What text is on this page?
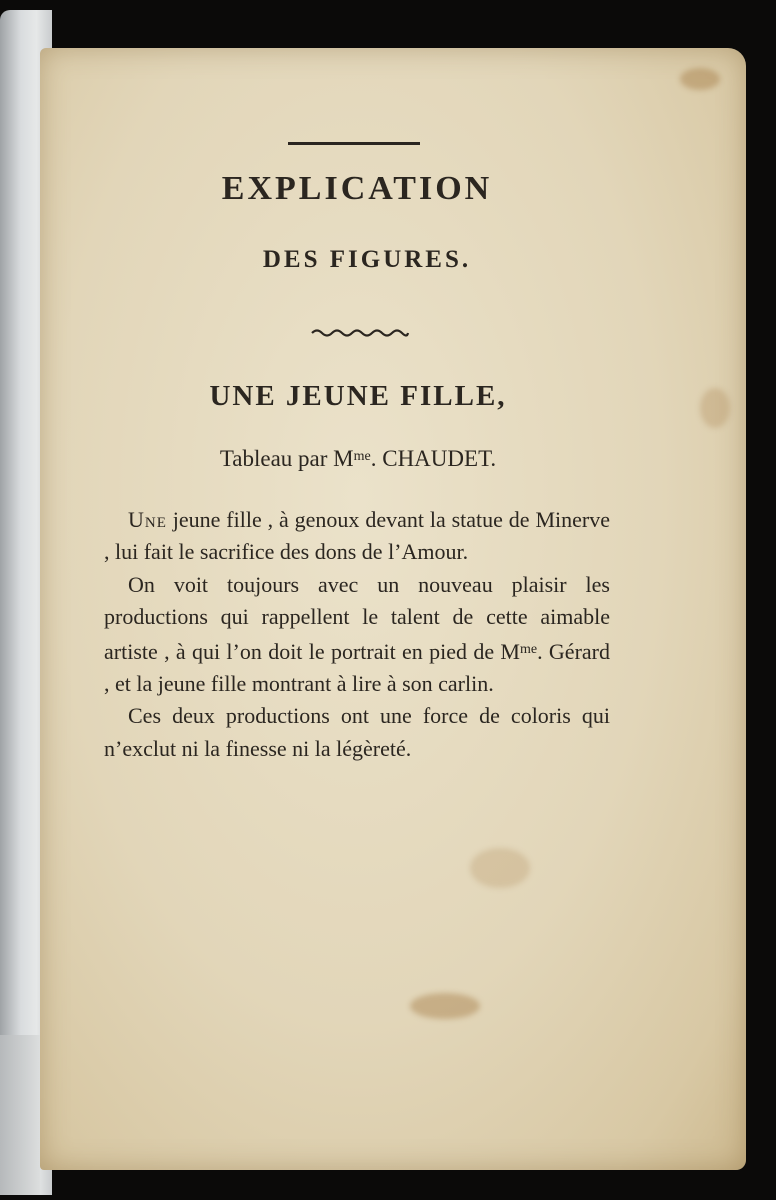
EXPLICATION
DES FIGURES.
UNE JEUNE FILLE,
Tableau par $M^{me}$. CHAUDET.

Une jeune fille , à genoux devant la statue de Minerve , lui fait le sacrifice des dons de l’Amour.

On voit toujours avec un nouveau plaisir les productions qui rappellent le talent de cette aimable artiste , à qui l’on doit le portrait en pied de $M^{me}$. Gérard , et la jeune fille montrant à lire à son carlin.

Ces deux productions ont une force de coloris qui n’exclut ni la finesse ni la légèreté.
